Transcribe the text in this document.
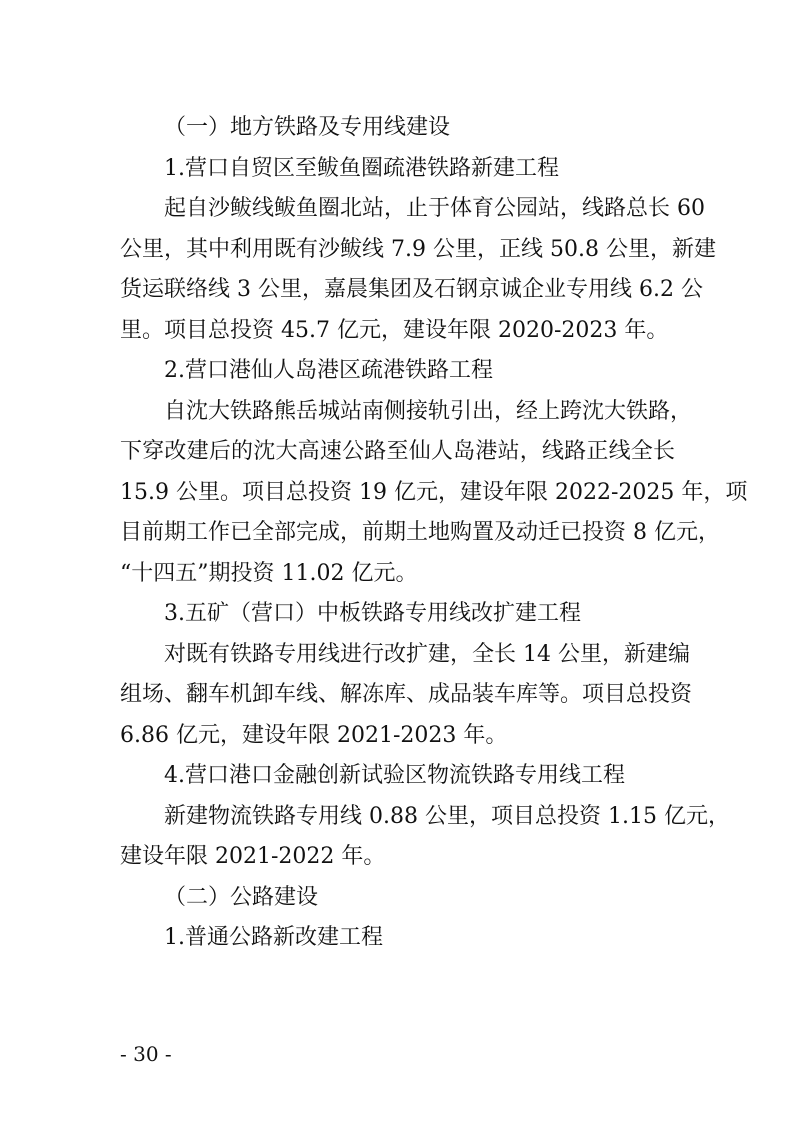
（一）地方铁路及专用线建设
1.营口自贸区至鲅鱼圈疏港铁路新建工程
起自沙鲅线鲅鱼圈北站，止于体育公园站，线路总长 60
公里，其中利用既有沙鲅线 7.9 公里，正线 50.8 公里，新建
货运联络线 3 公里，嘉晨集团及石钢京诚企业专用线 6.2 公
里。项目总投资 45.7 亿元，建设年限 2020-2023 年。
2.营口港仙人岛港区疏港铁路工程
自沈大铁路熊岳城站南侧接轨引出，经上跨沈大铁路，
下穿改建后的沈大高速公路至仙人岛港站，线路正线全长
15.9 公里。项目总投资 19 亿元，建设年限 2022-2025 年，项
目前期工作已全部完成，前期土地购置及动迁已投资 8 亿元，
“十四五”期投资 11.02 亿元。
3.五矿（营口）中板铁路专用线改扩建工程
对既有铁路专用线进行改扩建，全长 14 公里，新建编
组场、翻车机卸车线、解冻库、成品装车库等。项目总投资
6.86 亿元，建设年限 2021-2023 年。
4.营口港口金融创新试验区物流铁路专用线工程
新建物流铁路专用线 0.88 公里，项目总投资 1.15 亿元，
建设年限 2021-2022 年。
（二）公路建设
1.普通公路新改建工程
- 30 -
